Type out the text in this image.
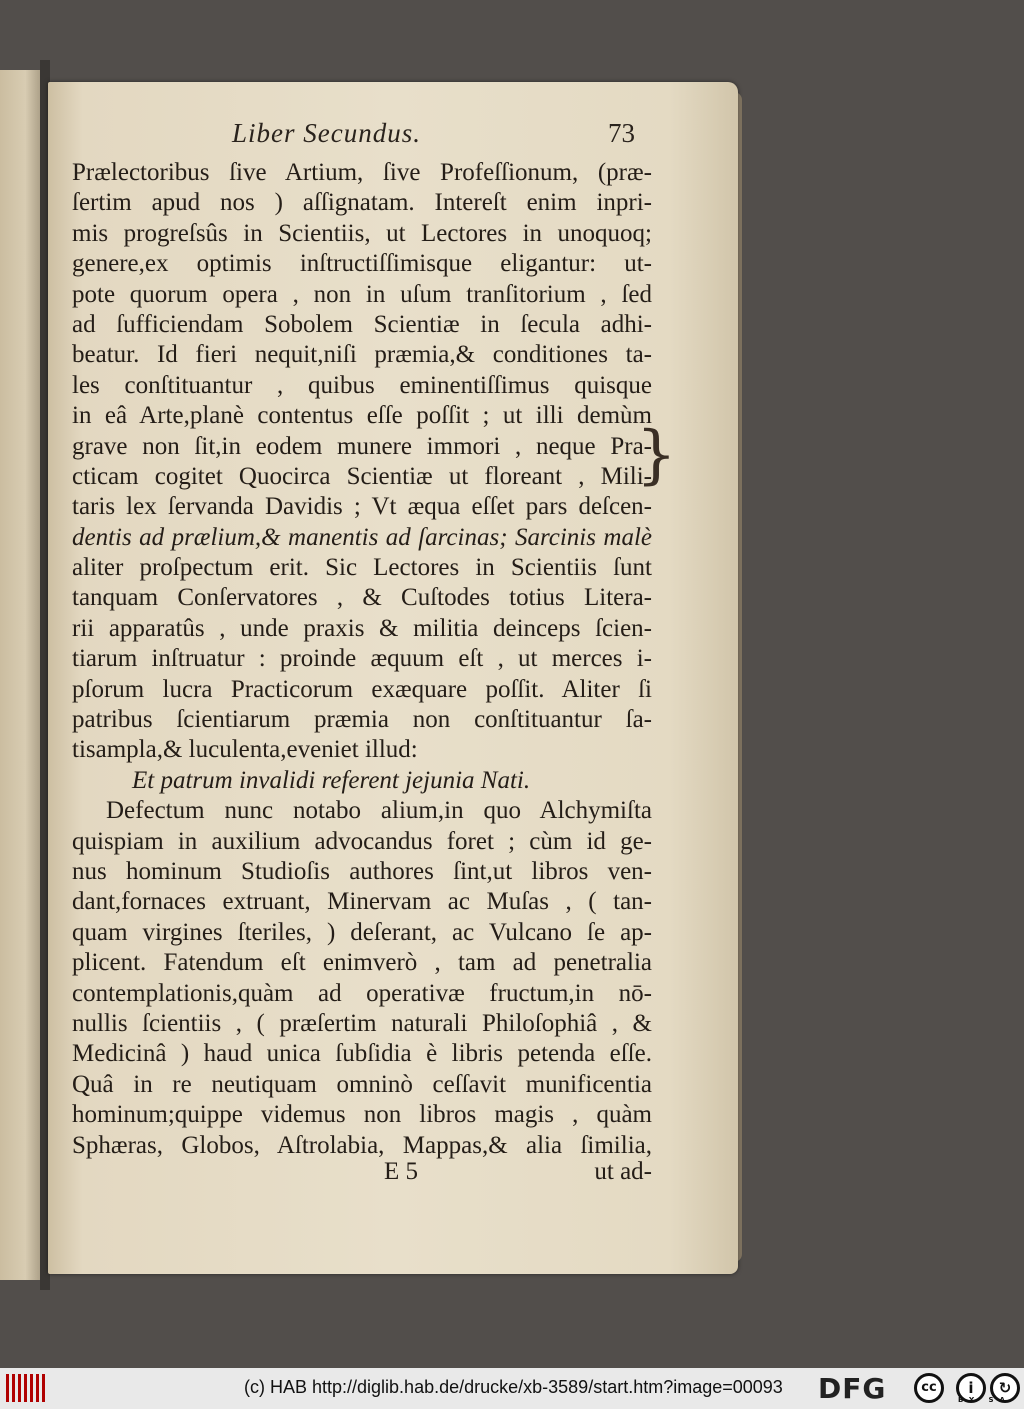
Liber Secundus.	73
Prælectoribus ſive Artium, ſive Profeſſionum, (præ-
ſertim apud nos ) aſſignatam. Intereſt enim inpri-
mis progreſsûs in Scientiis, ut Lectores in unoquoq;
genere,ex optimis inſtructiſſimisque eligantur: ut-
pote quorum opera , non in uſum tranſitorium , ſed
ad ſufficiendam Sobolem Scientiæ in ſecula adhi-
beatur. Id fieri nequit,niſi præmia,& conditiones ta-
les conſtituantur , quibus eminentiſſimus quisque
in eâ Arte,planè contentus eſſe poſſit ; ut illi demùm
grave non ſit,in eodem munere immori , neque Pra-
cticam cogitet Quocirca Scientiæ ut floreant , Mili-
taris lex ſervanda Davidis ; Vt æqua eſſet pars deſcen-
dentis ad prælium,& manentis ad ſarcinas; Sarcinis malè
aliter proſpectum erit. Sic Lectores in Scientiis ſunt
tanquam Conſervatores , & Cuſtodes totius Litera-
rii apparatûs , unde praxis & militia deinceps ſcien-
tiarum inſtruatur : proinde æquum eſt , ut merces i-
pſorum lucra Practicorum exæquare poſſit. Aliter ſi
patribus ſcientiarum præmia non conſtituantur ſa-
tisampla,& luculenta,eveniet illud:
Et patrum invalidi referent jejunia Nati.
Defectum nunc notabo alium,in quo Alchymiſta
quispiam in auxilium advocandus foret ; cùm id ge-
nus hominum Studioſis authores ſint,ut libros ven-
dant,fornaces extruant, Minervam ac Muſas , ( tan-
quam virgines ſteriles, ) deſerant, ac Vulcano ſe ap-
plicent. Fatendum eſt enimverò , tam ad penetralia
contemplationis,quàm ad operativæ fructum,in nō-
nullis ſcientiis , ( præſertim naturali Philoſophiâ , &
Medicinâ ) haud unica ſubſidia è libris petenda eſſe.
Quâ in re neutiquam omninò ceſſavit munificentia
hominum;quippe videmus non libros magis , quàm
Sphæras, Globos, Aſtrolabia, Mappas,& alia ſimilia,
}
E 5	ut ad-
(c) HAB http://diglib.hab.de/drucke/xb-3589/start.htm?image=00093 DFG	cc	i	↻
BY SA
